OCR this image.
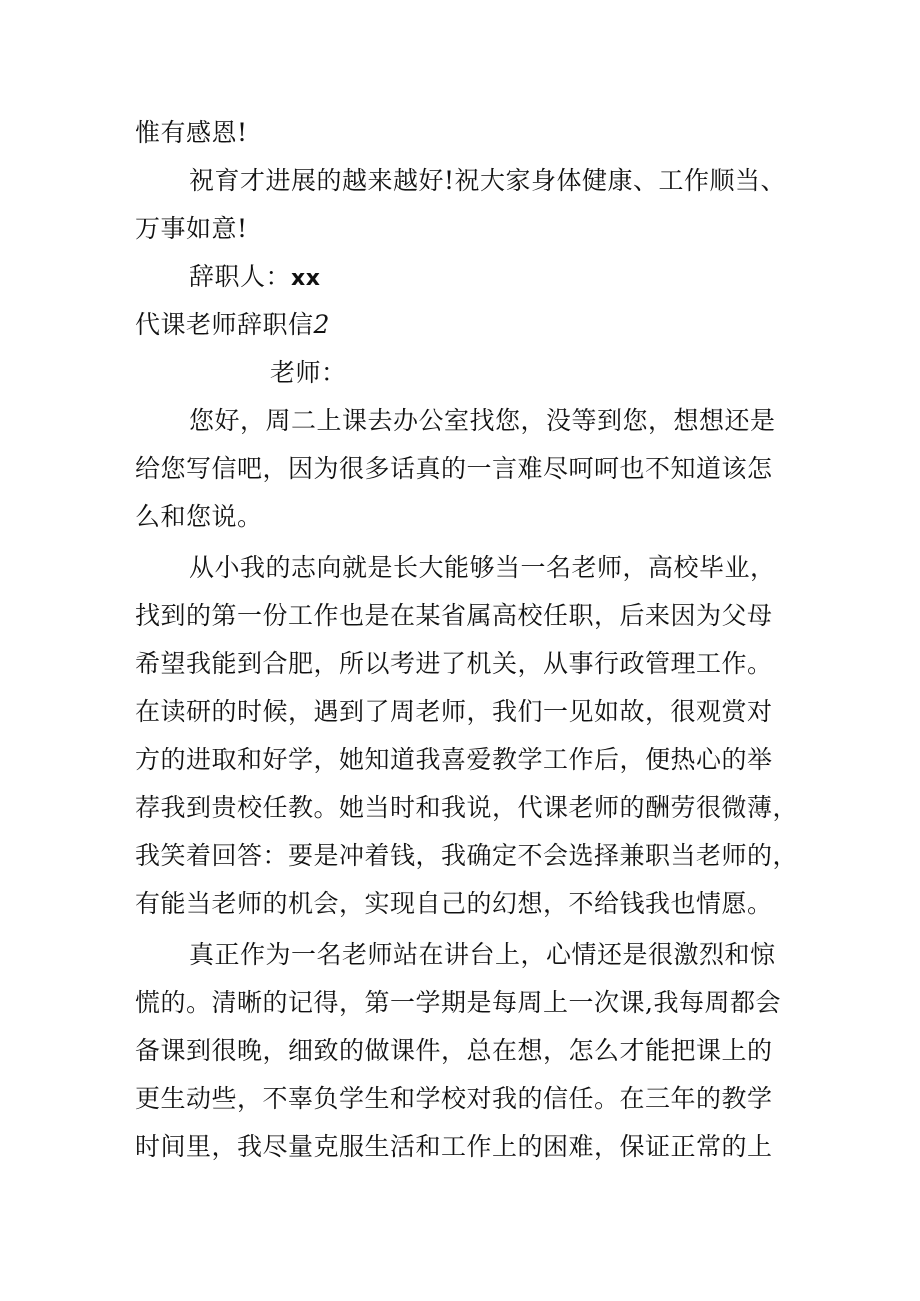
惟有感恩!
祝育才进展的越来越好!祝大家身体健康、工作顺当、
万事如意!
辞职人：xx
代课老师辞职信2
老师：
您好，周二上课去办公室找您，没等到您，想想还是
给您写信吧，因为很多话真的一言难尽呵呵也不知道该怎
么和您说。
从小我的志向就是长大能够当一名老师，高校毕业，
找到的第一份工作也是在某省属高校任职，后来因为父母
希望我能到合肥，所以考进了机关，从事行政管理工作。
在读研的时候，遇到了周老师，我们一见如故，很观赏对
方的进取和好学，她知道我喜爱教学工作后，便热心的举
荐我到贵校任教。她当时和我说，代课老师的酬劳很微薄，
我笑着回答：要是冲着钱，我确定不会选择兼职当老师的，
有能当老师的机会，实现自己的幻想，不给钱我也情愿。
真正作为一名老师站在讲台上，心情还是很激烈和惊
慌的。清晰的记得，第一学期是每周上一次课,我每周都会
备课到很晚，细致的做课件，总在想，怎么才能把课上的
更生动些，不辜负学生和学校对我的信任。在三年的教学
时间里，我尽量克服生活和工作上的困难，保证正常的上
